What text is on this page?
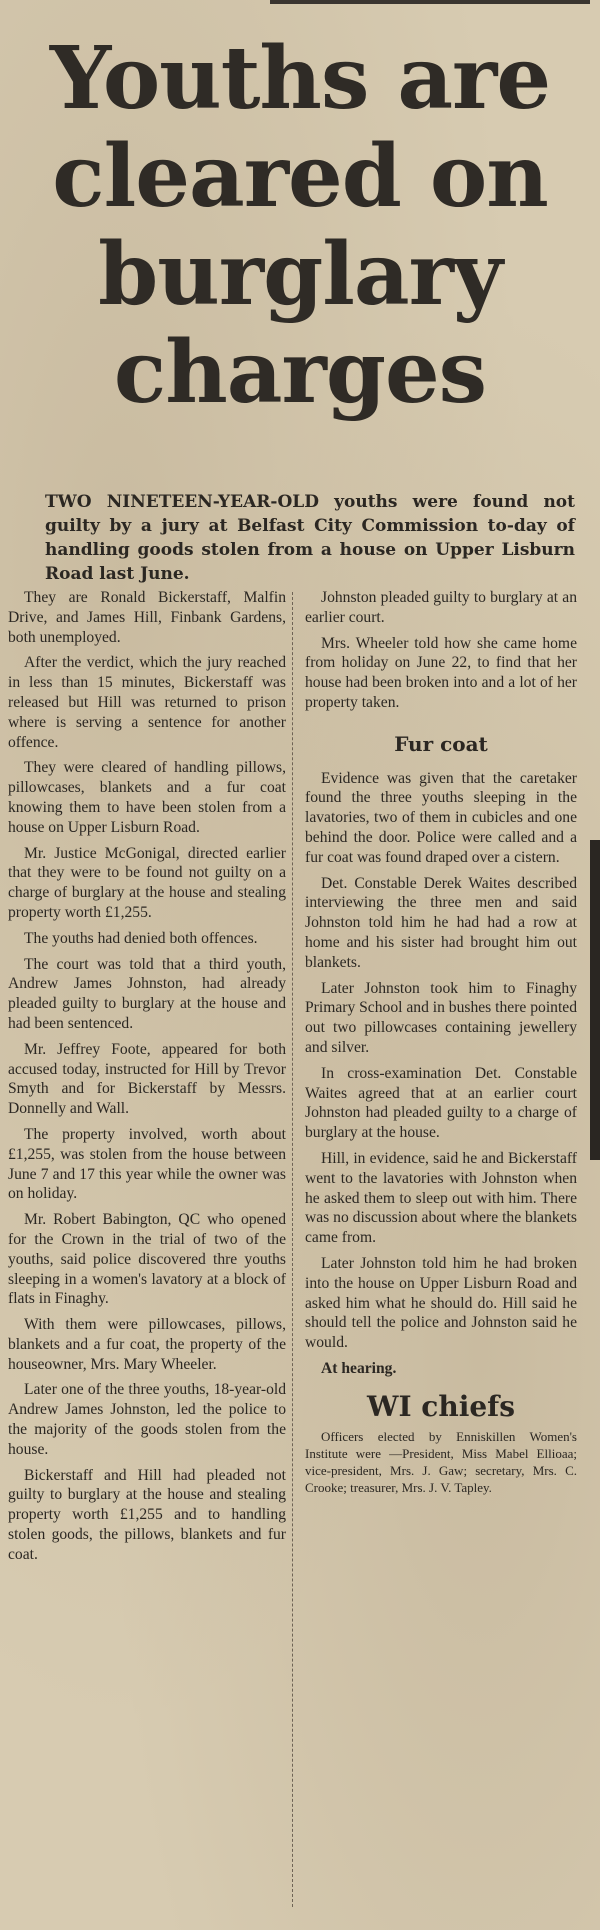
Youths are
cleared on
burglary
charges
TWO NINETEEN-YEAR-OLD youths were found not guilty by a jury at Belfast City Commission to-day of handling goods stolen from a house on Upper Lisburn Road last June.

They are Ronald Bickerstaff, Malfin Drive, and James Hill, Finbank Gardens, both unemployed.

After the verdict, which the jury reached in less than 15 minutes, Bickerstaff was released but Hill was returned to prison where is serving a sentence for another offence.

They were cleared of handling pillows, pillowcases, blankets and a fur coat knowing them to have been stolen from a house on Upper Lisburn Road.

Mr. Justice McGonigal, directed earlier that they were to be found not guilty on a charge of burglary at the house and stealing property worth £1,255.

The youths had denied both offences.

The court was told that a third youth, Andrew James Johnston, had already pleaded guilty to burglary at the house and had been sentenced.

Mr. Jeffrey Foote, appeared for both accused today, instructed for Hill by Trevor Smyth and for Bickerstaff by Messrs. Donnelly and Wall.

The property involved, worth about £1,255, was stolen from the house between June 7 and 17 this year while the owner was on holiday.

Mr. Robert Babington, QC who opened for the Crown in the trial of two of the youths, said police discovered thre youths sleeping in a women's lavatory at a block of flats in Finaghy.

With them were pillowcases, pillows, blankets and a fur coat, the property of the houseowner, Mrs. Mary Wheeler.

Later one of the three youths, 18-year-old Andrew James Johnston, led the police to the majority of the goods stolen from the house.

Bickerstaff and Hill had pleaded not guilty to burglary at the house and stealing property worth £1,255 and to handling stolen goods, the pillows, blankets and fur coat.

Johnston pleaded guilty to burglary at an earlier court.

Mrs. Wheeler told how she came home from holiday on June 22, to find that her house had been broken into and a lot of her property taken.

Fur coat

Evidence was given that the caretaker found the three youths sleeping in the lavatories, two of them in cubicles and one behind the door. Police were called and a fur coat was found draped over a cistern.

Det. Constable Derek Waites described interviewing the three men and said Johnston told him he had had a row at home and his sister had brought him out blankets.

Later Johnston took him to Finaghy Primary School and in bushes there pointed out two pillowcases containing jewellery and silver.

In cross-examination Det. Constable Waites agreed that at an earlier court Johnston had pleaded guilty to a charge of burglary at the house.

Hill, in evidence, said he and Bickerstaff went to the lavatories with Johnston when he asked them to sleep out with him. There was no discussion about where the blankets came from.

Later Johnston told him he had broken into the house on Upper Lisburn Road and asked him what he should do. Hill said he should tell the police and Johnston said he would.

At hearing.

WI chiefs

Officers elected by Enniskillen Women's Institute were —President, Miss Mabel Ellioaa; vice-president, Mrs. J. Gaw; secretary, Mrs. C. Crooke; treasurer, Mrs. J. V. Tapley.
